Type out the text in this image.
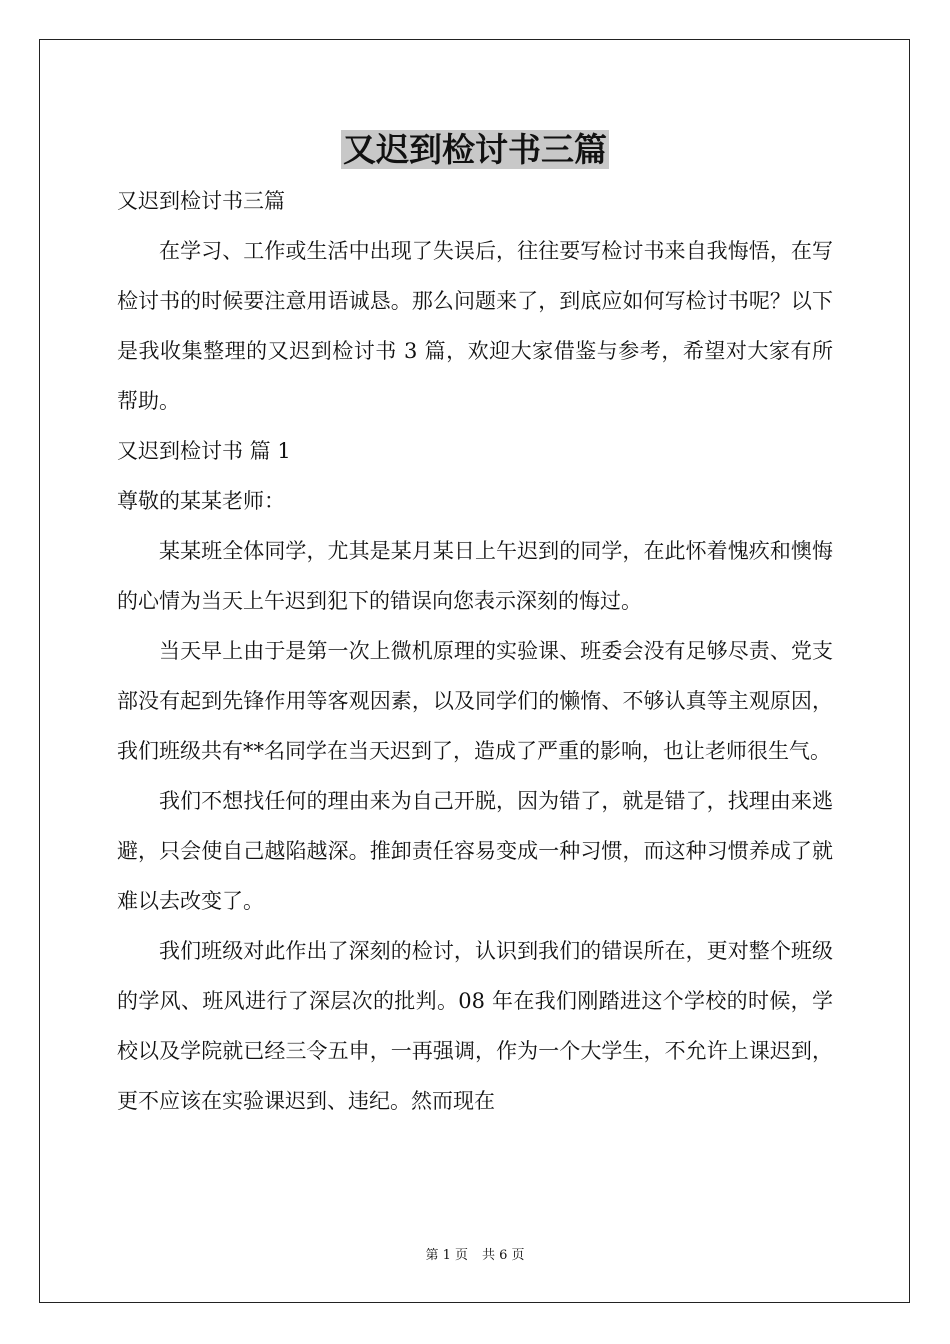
又迟到检讨书三篇

又迟到检讨书三篇

在学习、工作或生活中出现了失误后，往往要写检讨书来自我悔悟，在写检讨书的时候要注意用语诚恳。那么问题来了，到底应如何写检讨书呢？以下是我收集整理的又迟到检讨书 3 篇，欢迎大家借鉴与参考，希望对大家有所帮助。

又迟到检讨书 篇 1

尊敬的某某老师：

某某班全体同学，尤其是某月某日上午迟到的同学，在此怀着愧疚和懊悔的心情为当天上午迟到犯下的错误向您表示深刻的悔过。

当天早上由于是第一次上微机原理的实验课、班委会没有足够尽责、党支部没有起到先锋作用等客观因素，以及同学们的懒惰、不够认真等主观原因，我们班级共有**名同学在当天迟到了，造成了严重的影响，也让老师很生气。

我们不想找任何的理由来为自己开脱，因为错了，就是错了，找理由来逃避，只会使自己越陷越深。推卸责任容易变成一种习惯，而这种习惯养成了就难以去改变了。

我们班级对此作出了深刻的检讨，认识到我们的错误所在，更对整个班级的学风、班风进行了深层次的批判。08 年在我们刚踏进这个学校的时候，学校以及学院就已经三令五申，一再强调，作为一个大学生，不允许上课迟到，更不应该在实验课迟到、违纪。然而现在

第 1 页 共 6 页
